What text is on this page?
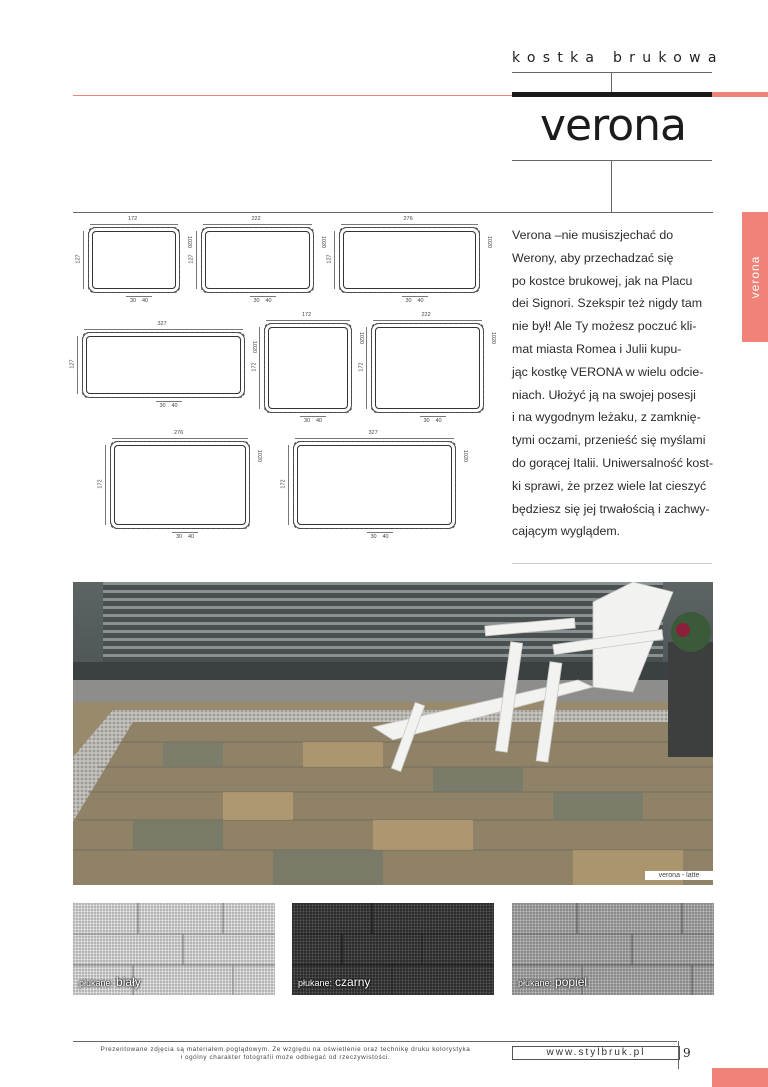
kostka brukowa
verona
verona
172
127
1020
30 40
222
127
1020
30 40
276
127
1020
30 40
327
127
1020
30 40
172
172
1020
30 40
222
172
1020
30 40
276
172
1020
30 40
327
172
1020
30 40
Verona –nie musiszjechać do
Werony, aby przechadzać się
po kostce brukowej, jak na Placu
dei Signori. Szekspir też nigdy tam
nie był! Ale Ty możesz poczuć kli-
mat miasta Romea i Julii kupu-
jąc kostkę VERONA w wielu odcie-
niach. Ułożyć ją na swojej posesji
i na wygodnym leżaku, z zamknię-
tymi oczami, przenieść się myślami
do gorącej Italii. Uniwersalność kost-
ki sprawi, że przez wiele lat cieszyć
będziesz się jej trwałością i zachwy-
cającym wyglądem.
verona - latte
płukane: biały	płukane: czarny	płukane: popiel
Prezentowane zdjęcia są materiałem poglądowym. Ze względu na oświetlenie oraz technikę druku kolorystyka
i ogólny charakter fotografii może odbiegać od rzeczywistości.	www.stylbruk.pl	9
